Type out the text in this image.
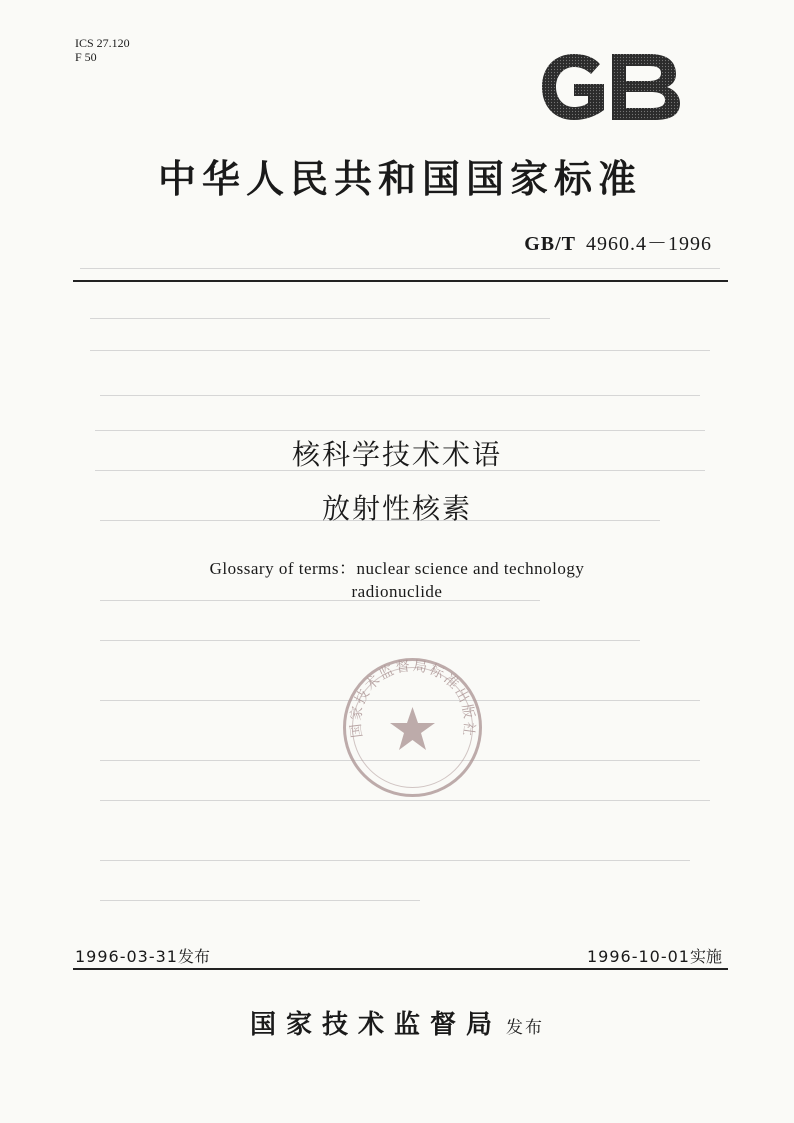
ICS 27.120
F 50
中华人民共和国国家标准
GB/T 4960.4－1996
核科学技术术语
放射性核素
Glossary of terms：nuclear science and technology
radionuclide
国家技术监督局标准出版社
1996-03-31发布	1996-10-01实施
国家技术监督局 发布
